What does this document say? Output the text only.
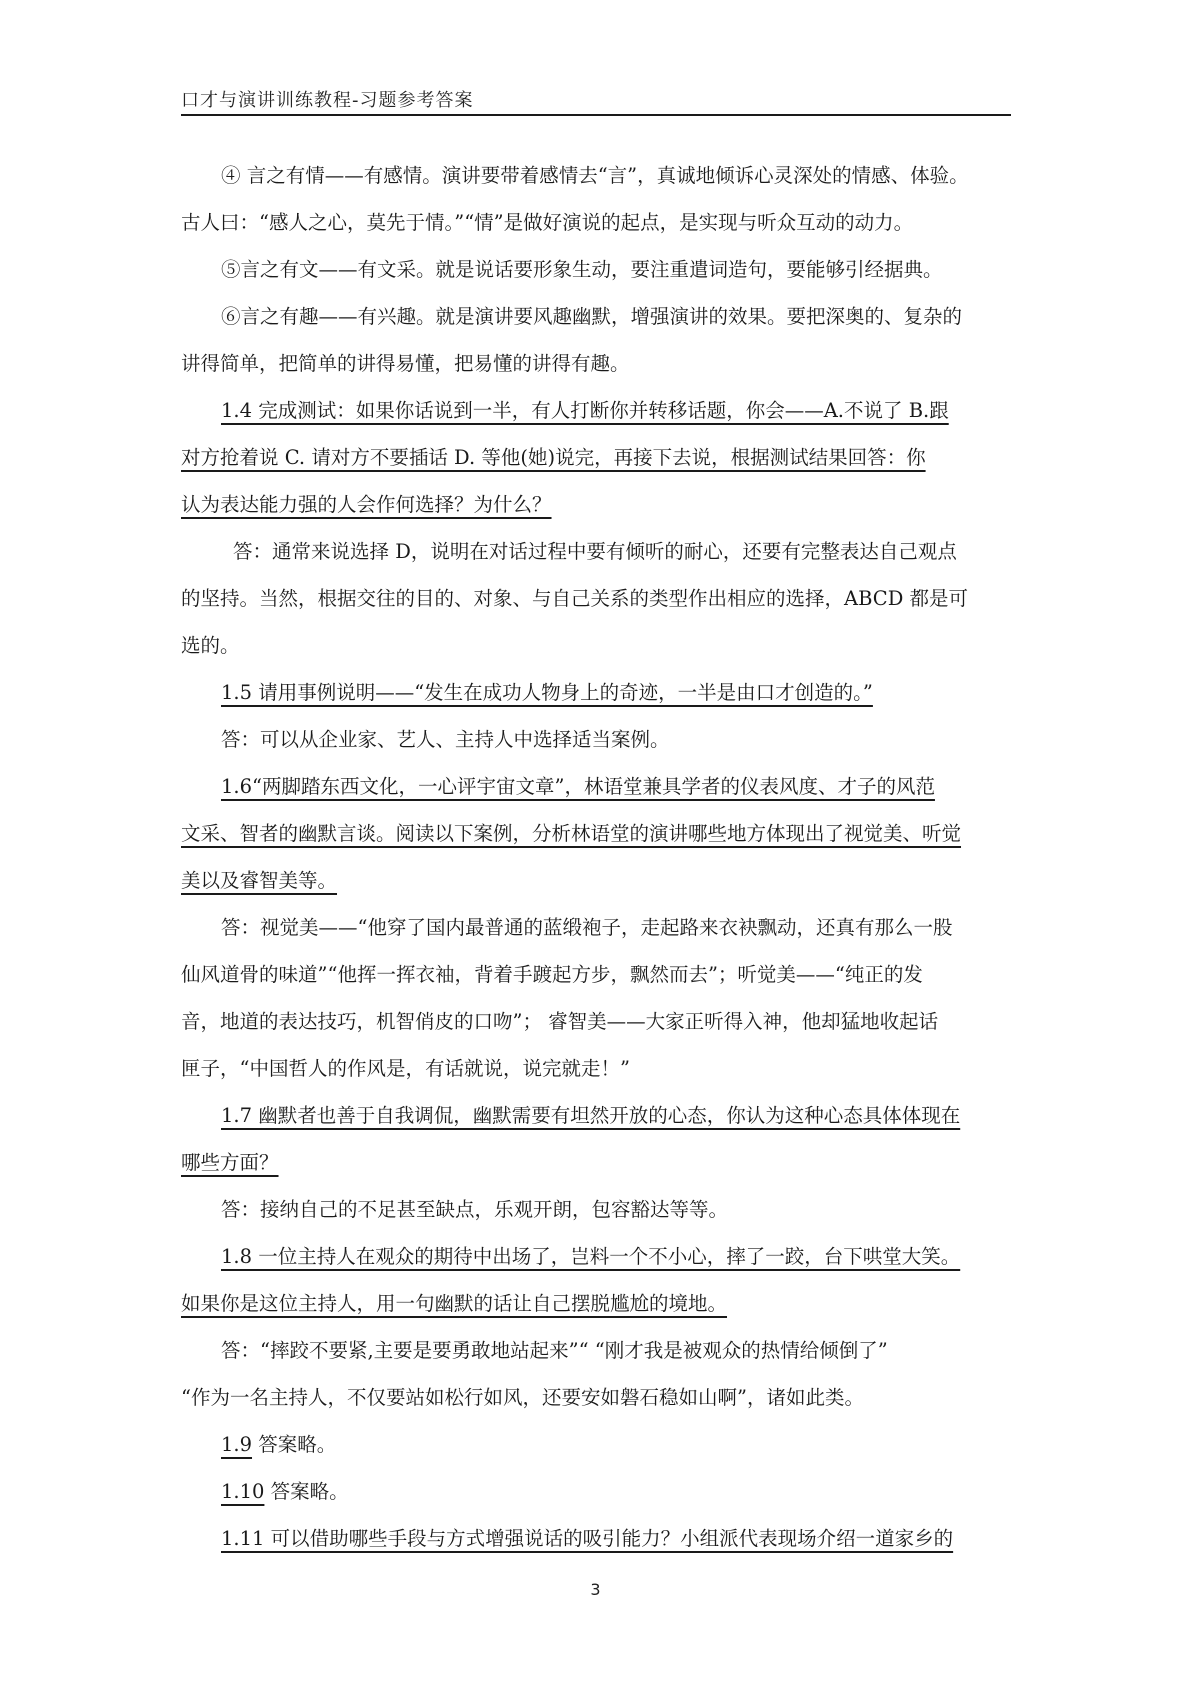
口才与演讲训练教程-习题参考答案
④ 言之有情——有感情。演讲要带着感情去“言”，真诚地倾诉心灵深处的情感、体验。
古人曰：“感人之心，莫先于情。”“情”是做好演说的起点，是实现与听众互动的动力。
⑤言之有文——有文采。就是说话要形象生动，要注重遣词造句，要能够引经据典。
⑥言之有趣——有兴趣。就是演讲要风趣幽默，增强演讲的效果。要把深奥的、复杂的
讲得简单，把简单的讲得易懂，把易懂的讲得有趣。
1.4 完成测试：如果你话说到一半，有人打断你并转移话题，你会——A.不说了 B.跟
对方抢着说 C. 请对方不要插话 D. 等他(她)说完，再接下去说，根据测试结果回答：你
认为表达能力强的人会作何选择？为什么？
答：通常来说选择 D，说明在对话过程中要有倾听的耐心，还要有完整表达自己观点
的坚持。当然，根据交往的目的、对象、与自己关系的类型作出相应的选择，ABCD 都是可
选的。
1.5 请用事例说明——“发生在成功人物身上的奇迹，一半是由口才创造的。”
答：可以从企业家、艺人、主持人中选择适当案例。
1.6“两脚踏东西文化，一心评宇宙文章”，林语堂兼具学者的仪表风度、才子的风范
文采、智者的幽默言谈。阅读以下案例，分析林语堂的演讲哪些地方体现出了视觉美、听觉
美以及睿智美等。
答：视觉美——“他穿了国内最普通的蓝缎袍子，走起路来衣袂飘动，还真有那么一股
仙风道骨的味道”“他挥一挥衣袖，背着手踱起方步，飘然而去”；听觉美——“纯正的发
音，地道的表达技巧，机智俏皮的口吻”； 睿智美——大家正听得入神，他却猛地收起话
匣子，“中国哲人的作风是，有话就说，说完就走！”
1.7 幽默者也善于自我调侃，幽默需要有坦然开放的心态，你认为这种心态具体体现在
哪些方面？
答：接纳自己的不足甚至缺点，乐观开朗，包容豁达等等。
1.8 一位主持人在观众的期待中出场了，岂料一个不小心，摔了一跤，台下哄堂大笑。
如果你是这位主持人，用一句幽默的话让自己摆脱尴尬的境地。
答：“摔跤不要紧,主要是要勇敢地站起来”“ “刚才我是被观众的热情给倾倒了”
“作为一名主持人，不仅要站如松行如风，还要安如磐石稳如山啊”，诸如此类。
1.9 答案略。
1.10 答案略。
1.11 可以借助哪些手段与方式增强说话的吸引能力？小组派代表现场介绍一道家乡的
3
